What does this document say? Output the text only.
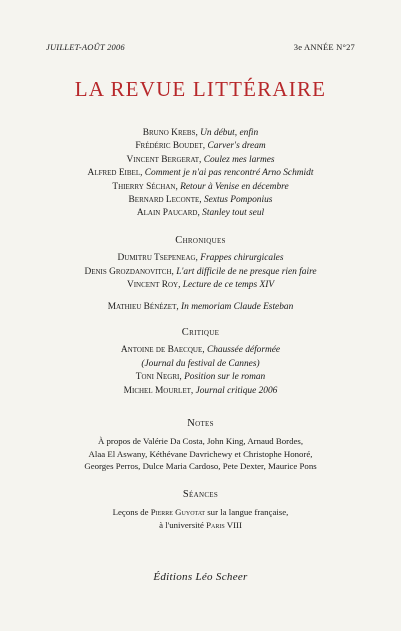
JUILLET-AOÛT 2006	3e ANNÉE N°27
LA REVUE LITTÉRAIRE
Bruno Krebs, Un début, enfin
Frédéric Boudet, Carver's dream
Vincent Bergerat, Coulez mes larmes
Alfred Eibel, Comment je n'ai pas rencontré Arno Schmidt
Thierry Séchan, Retour à Venise en décembre
Bernard Leconte, Sextus Pomponius
Alain Paucard, Stanley tout seul
Chroniques
Dumitru Tsepeneag, Frappes chirurgicales
Denis Grozdanovitch, L'art difficile de ne presque rien faire
Vincent Roy, Lecture de ce temps XIV
Mathieu Bénézet, In memoriam Claude Esteban
Critique
Antoine de Baecque, Chaussée déformée
(Journal du festival de Cannes)
Toni Negri, Position sur le roman
Michel Mourlet, Journal critique 2006
Notes
À propos de Valérie Da Costa, John King, Arnaud Bordes,
Alaa El Aswany, Kéthévane Davrichewy et Christophe Honoré,
Georges Perros, Dulce Maria Cardoso, Pete Dexter, Maurice Pons
Séances
Leçons de Pierre Guyotat sur la langue française,
à l'université Paris VIII
Éditions Léo Scheer
